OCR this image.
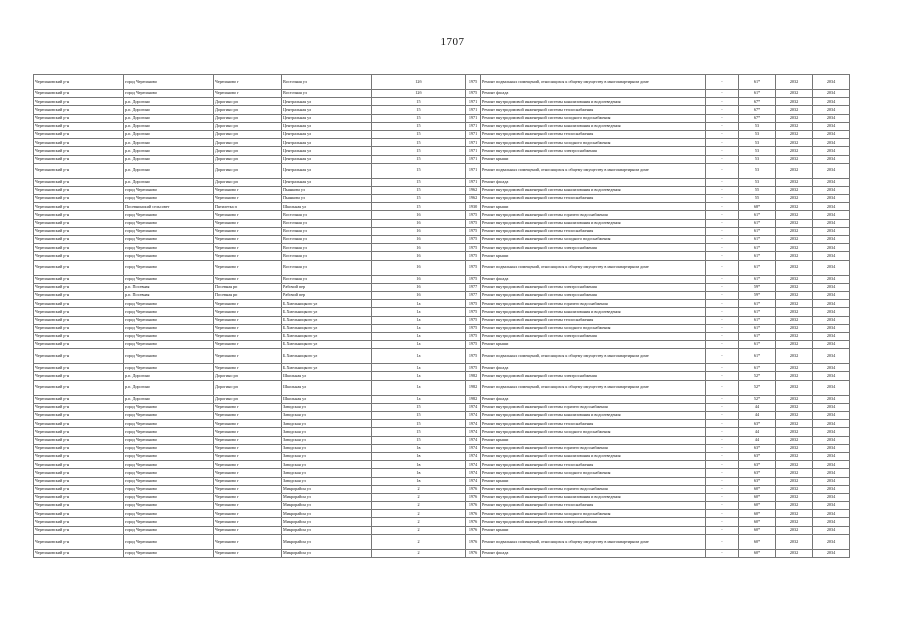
1707
Черепановский р-н	город Черепаново	Черепаново г	Восточная ул	12б	1975	Ремонт подвальных помещений, относящихся к общему имуществу в многоквартирном доме	-	61*	2032	2034
Черепановский р-н	город Черепаново	Черепаново г	Восточная ул	12б	1975	Ремонт фасада	-	61*	2032	2034
Черепановский р-н	р.п. Дорогино	Дорогино рп	Центральная ул	15	1971	Ремонт внутридомовой инженерной системы канализования и водоотведения	-	67*	2032	2034
Черепановский р-н	р.п. Дорогино	Дорогино рп	Центральная ул	15	1971	Ремонт внутридомовой инженерной системы теплоснабжения	-	67*	2032	2034
Черепановский р-н	р.п. Дорогино	Дорогино рп	Центральная ул	15	1971	Ремонт внутридомовой инженерной системы холодного водоснабжения	-	67*	2032	2034
Черепановский р-н	р.п. Дорогино	Дорогино рп	Центральная ул	15	1971	Ремонт внутридомовой инженерной системы канализования и водоотведения	-	53	2032	2034
Черепановский р-н	р.п. Дорогино	Дорогино рп	Центральная ул	15	1971	Ремонт внутридомовой инженерной системы теплоснабжения	-	53	2032	2034
Черепановский р-н	р.п. Дорогино	Дорогино рп	Центральная ул	15	1971	Ремонт внутридомовой инженерной системы холодного водоснабжения	-	53	2032	2034
Черепановский р-н	р.п. Дорогино	Дорогино рп	Центральная ул	15	1971	Ремонт внутридомовой инженерной системы электроснабжения	-	53	2032	2034
Черепановский р-н	р.п. Дорогино	Дорогино рп	Центральная ул	15	1971	Ремонт крыши	-	53	2032	2034
Черепановский р-н	р.п. Дорогино	Дорогино рп	Центральная ул	15	1971	Ремонт подвальных помещений, относящихся к общему имуществу в многоквартирном доме	-	53	2032	2034
Черепановский р-н	р.п. Дорогино	Дорогино рп	Центральная ул	15	1971	Ремонт фасада	-	53	2032	2034
Черепановский р-н	город Черепаново	Черепаново г	Пьянкова ул	15	1962	Ремонт внутридомовой инженерной системы канализования и водоотведения	-	55	2032	2034
Черепановский р-н	город Черепаново	Черепаново г	Пьянкова ул	15	1962	Ремонт внутридомовой инженерной системы теплоснабжения	-	55	2032	2034
Черепановский р-н	Посевнинский сельсовет	Пятилетка п	Школьная ул	15	1930	Ремонт крыши	-	68*	2032	2034
Черепановский р-н	город Черепаново	Черепаново г	Восточная ул	16	1975	Ремонт внутридомовой инженерной системы горячего водоснабжения	-	61*	2032	2034
Черепановский р-н	город Черепаново	Черепаново г	Восточная ул	16	1975	Ремонт внутридомовой инженерной системы канализования и водоотведения	-	61*	2032	2034
Черепановский р-н	город Черепаново	Черепаново г	Восточная ул	16	1975	Ремонт внутридомовой инженерной системы теплоснабжения	-	61*	2032	2034
Черепановский р-н	город Черепаново	Черепаново г	Восточная ул	16	1975	Ремонт внутридомовой инженерной системы холодного водоснабжения	-	61*	2032	2034
Черепановский р-н	город Черепаново	Черепаново г	Восточная ул	16	1975	Ремонт внутридомовой инженерной системы электроснабжения	-	61*	2032	2034
Черепановский р-н	город Черепаново	Черепаново г	Восточная ул	16	1975	Ремонт крыши	-	61*	2032	2034
Черепановский р-н	город Черепаново	Черепаново г	Восточная ул	16	1975	Ремонт подвальных помещений, относящихся к общему имуществу в многоквартирном доме	-	61*	2032	2034
Черепановский р-н	город Черепаново	Черепаново г	Восточная ул	16	1975	Ремонт фасада	-	61*	2032	2034
Черепановский р-н	р.п. Посевная	Посевная рп	Рабочий пер	16	1977	Ремонт внутридомовой инженерной системы электроснабжения	-	59*	2032	2034
Черепановский р-н	р.п. Посевная	Посевная рп	Рабочий пер	16	1977	Ремонт внутридомовой инженерной системы электроснабжения	-	59*	2032	2034
Черепановский р-н	город Черепаново	Черепаново г	Б.Хмельницкого ул	1а	1975	Ремонт внутридомовой инженерной системы горячего водоснабжения	-	61*	2032	2034
Черепановский р-н	город Черепаново	Черепаново г	Б.Хмельницкого ул	1а	1975	Ремонт внутридомовой инженерной системы канализования и водоотведения	-	61*	2032	2034
Черепановский р-н	город Черепаново	Черепаново г	Б.Хмельницкого ул	1а	1975	Ремонт внутридомовой инженерной системы теплоснабжения	-	61*	2032	2034
Черепановский р-н	город Черепаново	Черепаново г	Б.Хмельницкого ул	1а	1975	Ремонт внутридомовой инженерной системы холодного водоснабжения	-	61*	2032	2034
Черепановский р-н	город Черепаново	Черепаново г	Б.Хмельницкого ул	1а	1975	Ремонт внутридомовой инженерной системы электроснабжения	-	61*	2032	2034
Черепановский р-н	город Черепаново	Черепаново г	Б.Хмельницкого ул	1а	1975	Ремонт крыши	-	61*	2032	2034
Черепановский р-н	город Черепаново	Черепаново г	Б.Хмельницкого ул	1а	1975	Ремонт подвальных помещений, относящихся к общему имуществу в многоквартирном доме	-	61*	2032	2034
Черепановский р-н	город Черепаново	Черепаново г	Б.Хмельницкого ул	1а	1975	Ремонт фасада	-	61*	2032	2034
Черепановский р-н	р.п. Дорогино	Дорогино рп	Школьная ул	1а	1982	Ремонт внутридомовой инженерной системы электроснабжения	-	52*	2032	2034
Черепановский р-н	р.п. Дорогино	Дорогино рп	Школьная ул	1а	1982	Ремонт подвальных помещений, относящихся к общему имуществу в многоквартирном доме	-	52*	2032	2034
Черепановский р-н	р.п. Дорогино	Дорогино рп	Школьная ул	1а	1982	Ремонт фасада	-	52*	2032	2034
Черепановский р-н	город Черепаново	Черепаново г	Заводская ул	15	1974	Ремонт внутридомовой инженерной системы горячего водоснабжения	-	44	2032	2034
Черепановский р-н	город Черепаново	Черепаново г	Заводская ул	15	1974	Ремонт внутридомовой инженерной системы канализования и водоотведения	-	44	2032	2034
Черепановский р-н	город Черепаново	Черепаново г	Заводская ул	15	1974	Ремонт внутридомовой инженерной системы теплоснабжения	-	63*	2032	2034
Черепановский р-н	город Черепаново	Черепаново г	Заводская ул	15	1974	Ремонт внутридомовой инженерной системы холодного водоснабжения	-	44	2032	2034
Черепановский р-н	город Черепаново	Черепаново г	Заводская ул	15	1974	Ремонт крыши	-	44	2032	2034
Черепановский р-н	город Черепаново	Черепаново г	Заводская ул	1в	1974	Ремонт внутридомовой инженерной системы горячего водоснабжения	-	63*	2032	2034
Черепановский р-н	город Черепаново	Черепаново г	Заводская ул	1в	1974	Ремонт внутридомовой инженерной системы канализования и водоотведения	-	63*	2032	2034
Черепановский р-н	город Черепаново	Черепаново г	Заводская ул	1в	1974	Ремонт внутридомовой инженерной системы теплоснабжения	-	63*	2032	2034
Черепановский р-н	город Черепаново	Черепаново г	Заводская ул	1в	1974	Ремонт внутридомовой инженерной системы холодного водоснабжения	-	63*	2032	2034
Черепановский р-н	город Черепаново	Черепаново г	Заводская ул	1в	1974	Ремонт крыши	-	63*	2032	2034
Черепановский р-н	город Черепаново	Черепаново г	Микрорайон ул	2	1976	Ремонт внутридомовой инженерной системы горячего водоснабжения	-	60*	2032	2034
Черепановский р-н	город Черепаново	Черепаново г	Микрорайон ул	2	1976	Ремонт внутридомовой инженерной системы канализования и водоотведения	-	60*	2032	2034
Черепановский р-н	город Черепаново	Черепаново г	Микрорайон ул	2	1976	Ремонт внутридомовой инженерной системы теплоснабжения	-	60*	2032	2034
Черепановский р-н	город Черепаново	Черепаново г	Микрорайон ул	2	1976	Ремонт внутридомовой инженерной системы холодного водоснабжения	-	60*	2032	2034
Черепановский р-н	город Черепаново	Черепаново г	Микрорайон ул	2	1976	Ремонт внутридомовой инженерной системы электроснабжения	-	60*	2032	2034
Черепановский р-н	город Черепаново	Черепаново г	Микрорайон ул	2	1976	Ремонт крыши	-	60*	2032	2034
Черепановский р-н	город Черепаново	Черепаново г	Микрорайон ул	2	1976	Ремонт подвальных помещений, относящихся к общему имуществу в многоквартирном доме	-	60*	2032	2034
Черепановский р-н	город Черепаново	Черепаново г	Микрорайон ул	2	1976	Ремонт фасада	-	60*	2032	2034
